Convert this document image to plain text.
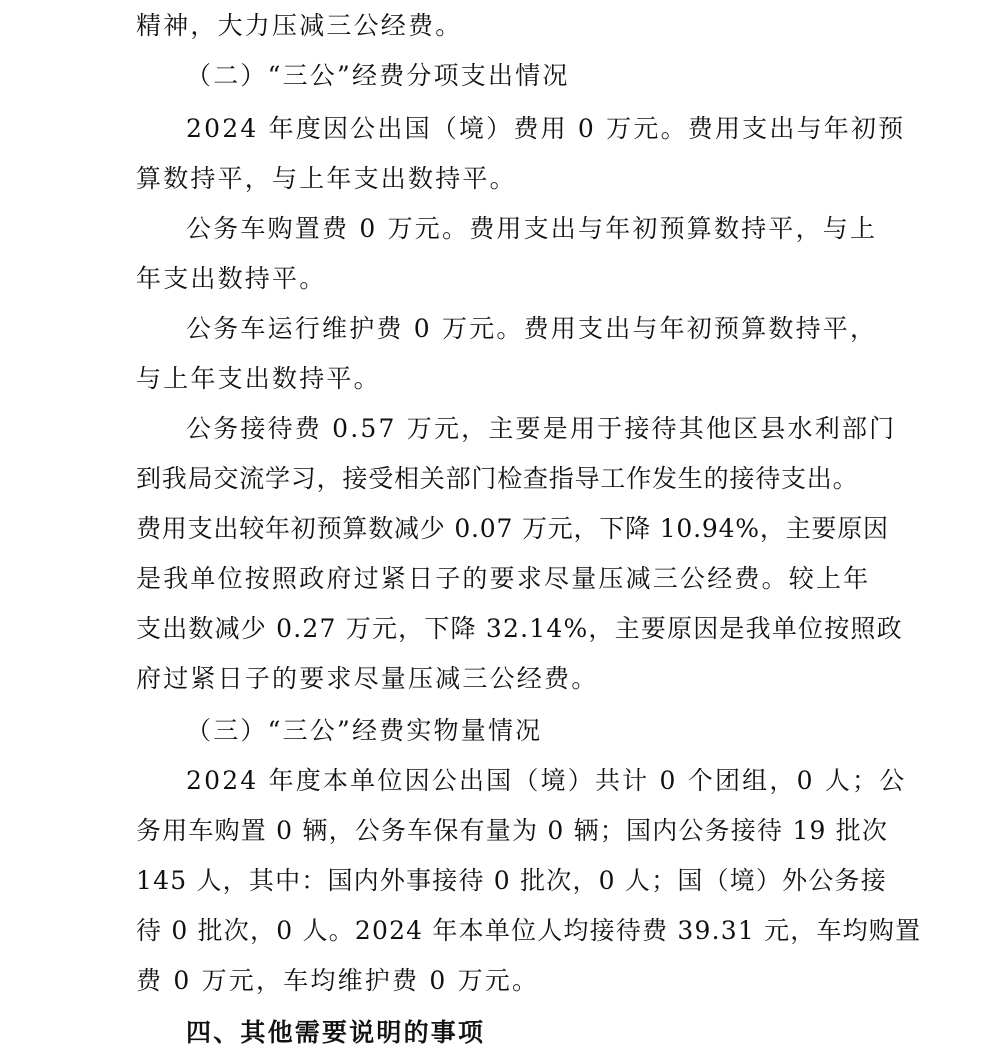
精神，大力压减三公经费。
（二）“三公”经费分项支出情况
2024 年度因公出国（境）费用 0 万元。费用支出与年初预
算数持平，与上年支出数持平。
公务车购置费 0 万元。费用支出与年初预算数持平，与上
年支出数持平。
公务车运行维护费 0 万元。费用支出与年初预算数持平，
与上年支出数持平。
公务接待费 0.57 万元，主要是用于接待其他区县水利部门
到我局交流学习，接受相关部门检查指导工作发生的接待支出。
费用支出较年初预算数减少 0.07 万元，下降 10.94%，主要原因
是我单位按照政府过紧日子的要求尽量压减三公经费。较上年
支出数减少 0.27 万元，下降 32.14%，主要原因是我单位按照政
府过紧日子的要求尽量压减三公经费。
（三）“三公”经费实物量情况
2024 年度本单位因公出国（境）共计 0 个团组，0 人；公
务用车购置 0 辆，公务车保有量为 0 辆；国内公务接待 19 批次
145 人，其中：国内外事接待 0 批次，0 人；国（境）外公务接
待 0 批次，0 人。2024 年本单位人均接待费 39.31 元，车均购置
费 0 万元，车均维护费 0 万元。
四、其他需要说明的事项
